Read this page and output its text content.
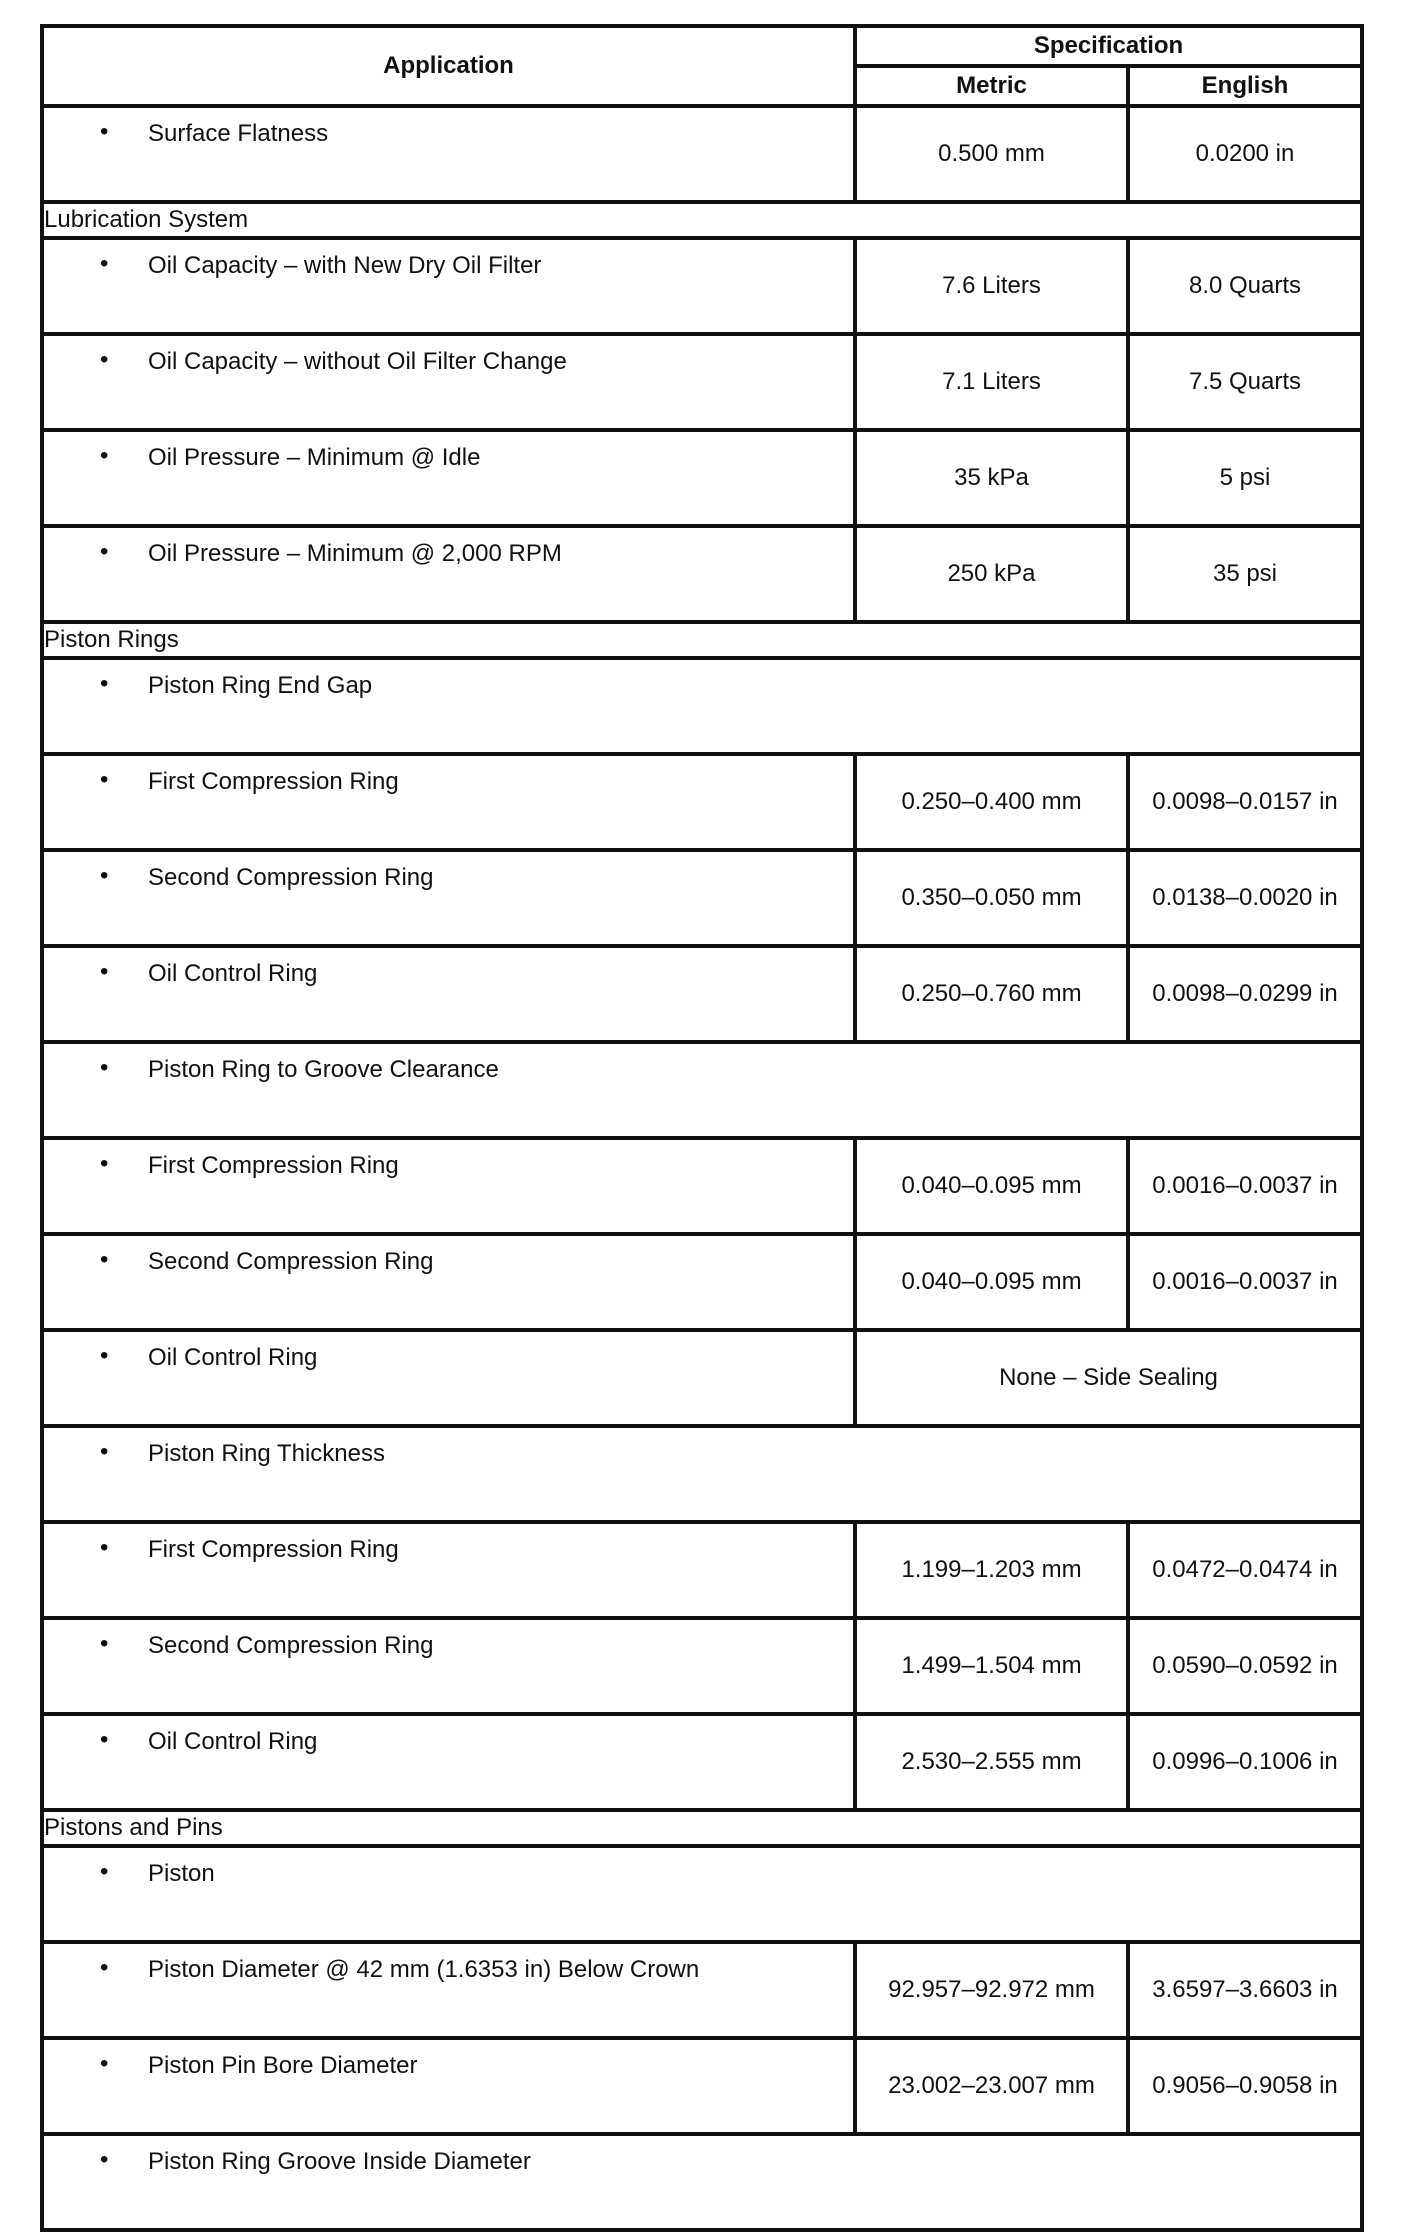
Application	Specification	
	Metric	English

• Surface Flatness	0.500 mm	0.0200 in
Lubrication System		

• Oil Capacity – with New Dry Oil Filter	7.6 Liters	8.0 Quarts

• Oil Capacity – without Oil Filter Change	7.1 Liters	7.5 Quarts

• Oil Pressure – Minimum @ Idle	35 kPa	5 psi

• Oil Pressure – Minimum @ 2,000 RPM	250 kPa	35 psi
Piston Rings		

• Piston Ring End Gap		

• First Compression Ring	0.250–0.400 mm	0.0098–0.0157 in

• Second Compression Ring	0.350–0.050 mm	0.0138–0.0020 in

• Oil Control Ring	0.250–0.760 mm	0.0098–0.0299 in

• Piston Ring to Groove Clearance		

• First Compression Ring	0.040–0.095 mm	0.0016–0.0037 in

• Second Compression Ring	0.040–0.095 mm	0.0016–0.0037 in

• Oil Control Ring	None – Side Sealing	

• Piston Ring Thickness		

• First Compression Ring	1.199–1.203 mm	0.0472–0.0474 in

• Second Compression Ring	1.499–1.504 mm	0.0590–0.0592 in

• Oil Control Ring	2.530–2.555 mm	0.0996–0.1006 in
Pistons and Pins		

• Piston		

• Piston Diameter @ 42 mm (1.6353 in) Below Crown	92.957–92.972 mm	3.6597–3.6603 in

• Piston Pin Bore Diameter	23.002–23.007 mm	0.9056–0.9058 in

• Piston Ring Groove Inside Diameter		
